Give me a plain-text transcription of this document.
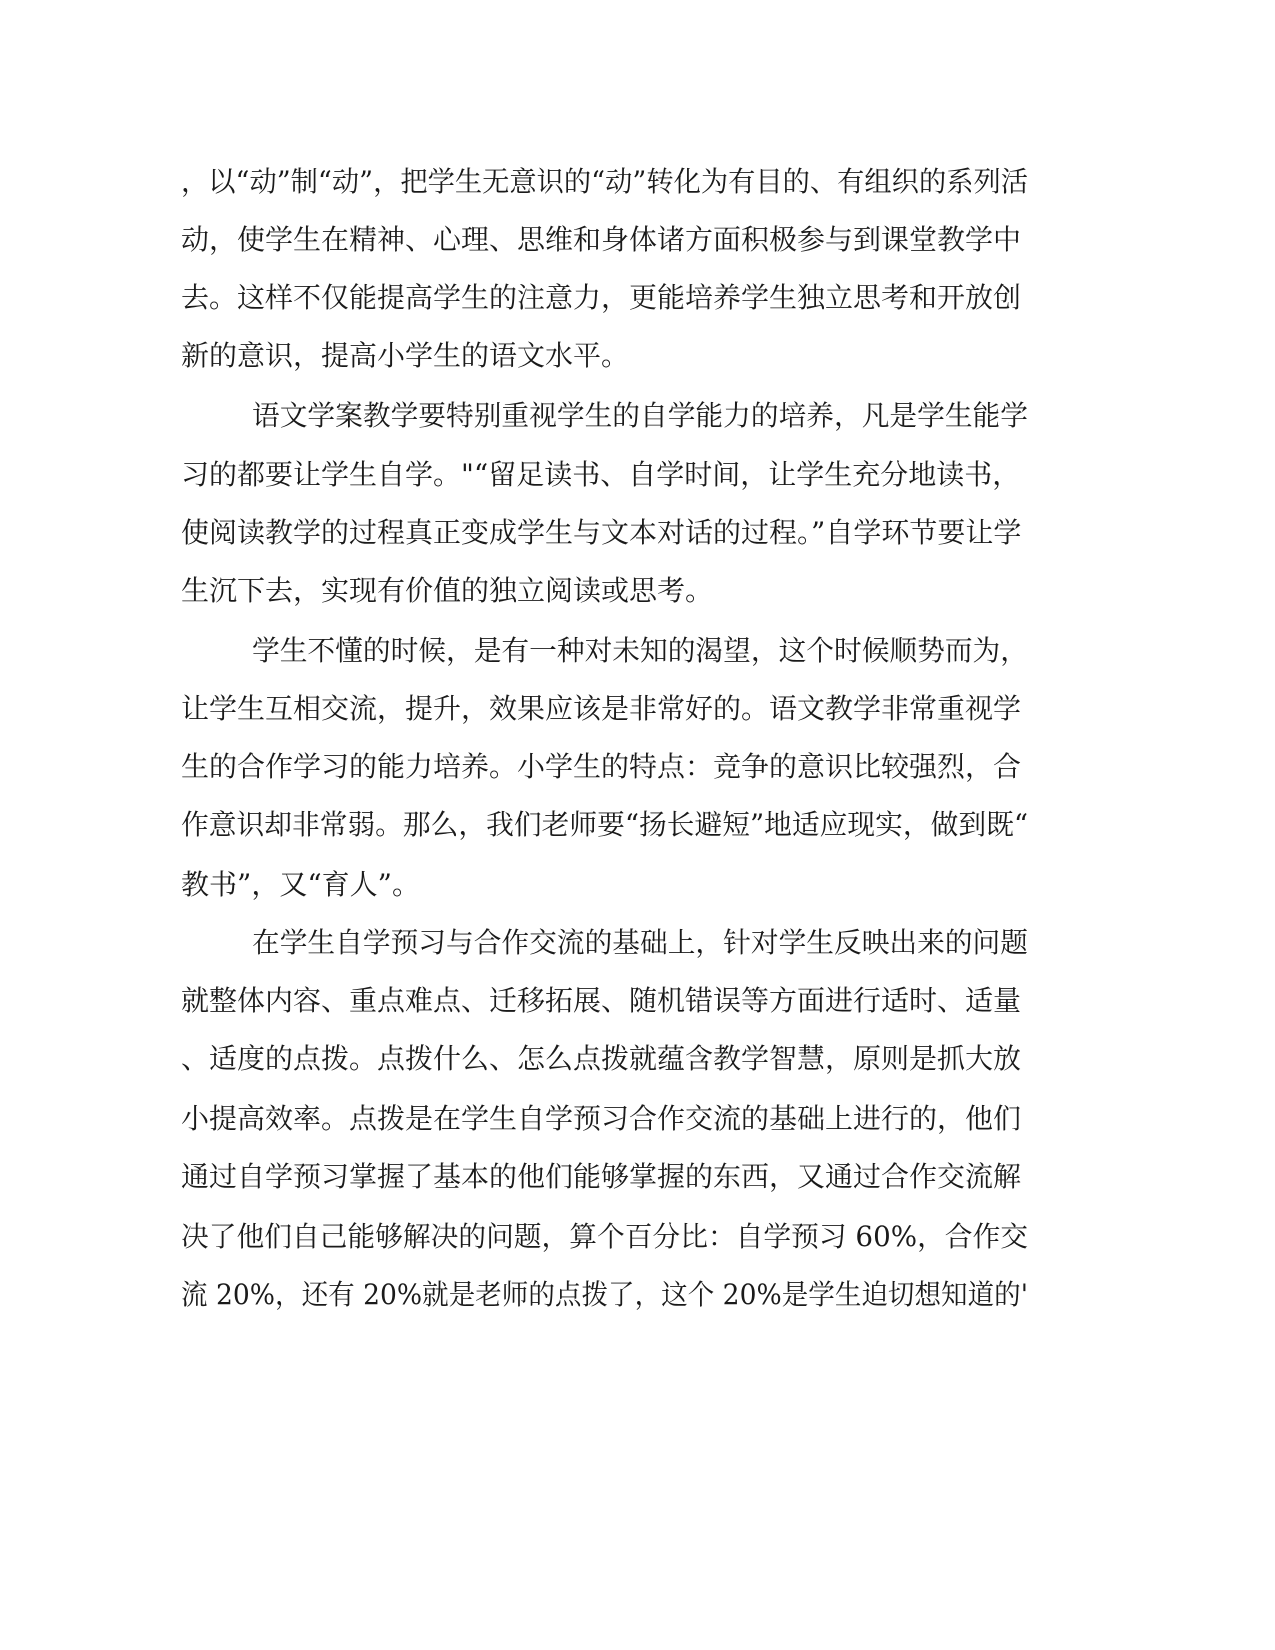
，以“动”制“动”，把学生无意识的“动”转化为有目的、有组织的系列活
动，使学生在精神、心理、思维和身体诸方面积极参与到课堂教学中
去。这样不仅能提高学生的注意力，更能培养学生独立思考和开放创
新的意识，提高小学生的语文水平。
语文学案教学要特别重视学生的自学能力的培养，凡是学生能学
习的都要让学生自学。"“留足读书、自学时间，让学生充分地读书，
使阅读教学的过程真正变成学生与文本对话的过程。”自学环节要让学
生沉下去，实现有价值的独立阅读或思考。
学生不懂的时候，是有一种对未知的渴望，这个时候顺势而为，
让学生互相交流，提升，效果应该是非常好的。语文教学非常重视学
生的合作学习的能力培养。小学生的特点：竞争的意识比较强烈，合
作意识却非常弱。那么，我们老师要“扬长避短”地适应现实，做到既“
教书”，又“育人”。
在学生自学预习与合作交流的基础上，针对学生反映出来的问题
就整体内容、重点难点、迁移拓展、随机错误等方面进行适时、适量
、适度的点拨。点拨什么、怎么点拨就蕴含教学智慧，原则是抓大放
小提高效率。点拨是在学生自学预习合作交流的基础上进行的，他们
通过自学预习掌握了基本的他们能够掌握的东西，又通过合作交流解
决了他们自己能够解决的问题，算个百分比：自学预习 60%，合作交
流 20%，还有 20%就是老师的点拨了，这个 20%是学生迫切想知道的'
